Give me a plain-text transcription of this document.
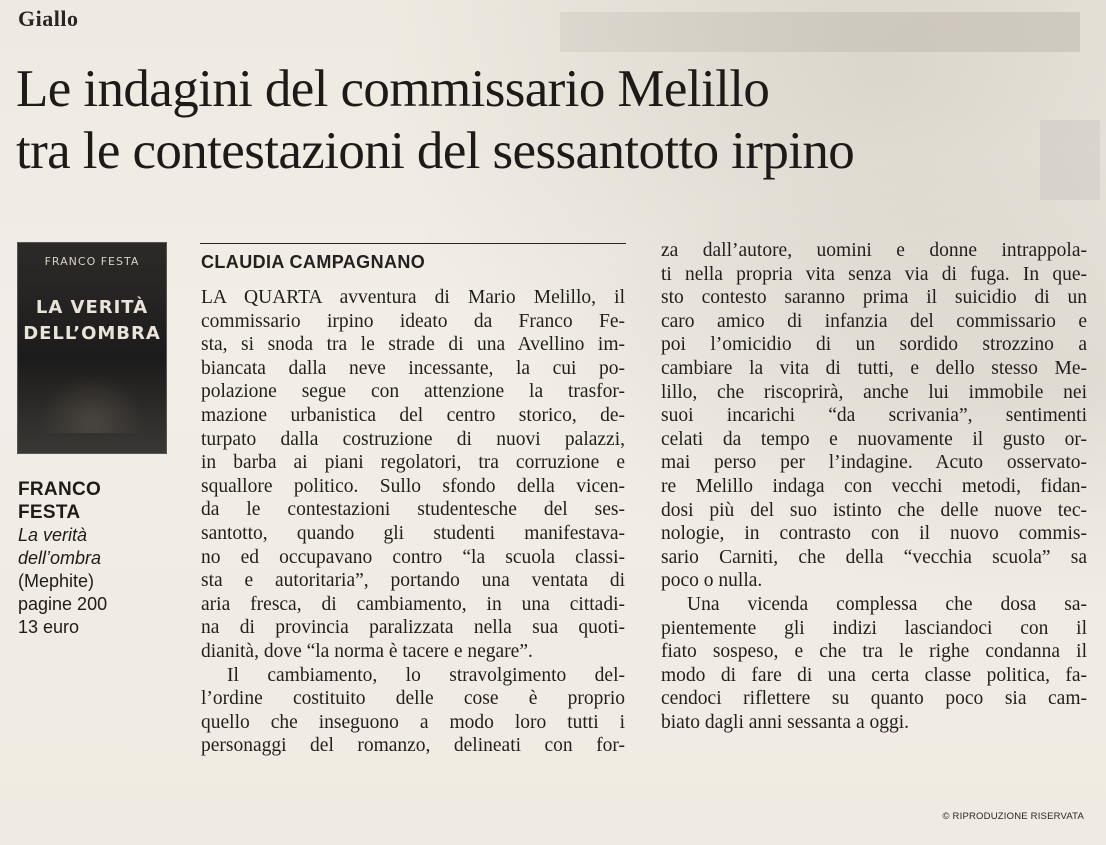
Giallo
Le indagini del commissario Melillo
tra le contestazioni del sessantotto irpino
FRANCO FESTA
LA VERITÀ
DELL’OMBRA
FRANCO
FESTA
La verità
dell’ombra
(Mephite)
pagine 200
13 euro
CLAUDIA CAMPAGNANO
LA QUARTA avventura di Mario Melillo, il
commissario irpino ideato da Franco Fe-
sta, si snoda tra le strade di una Avellino im-
biancata dalla neve incessante, la cui po-
polazione segue con attenzione la trasfor-
mazione urbanistica del centro storico, de-
turpato dalla costruzione di nuovi palazzi,
in barba ai piani regolatori, tra corruzione e
squallore politico. Sullo sfondo della vicen-
da le contestazioni studentesche del ses-
santotto, quando gli studenti manifestava-
no ed occupavano contro “la scuola classi-
sta e autoritaria”, portando una ventata di
aria fresca, di cambiamento, in una cittadi-
na di provincia paralizzata nella sua quoti-
dianità, dove “la norma è tacere e negare”.
Il cambiamento, lo stravolgimento del-
l’ordine costituito delle cose è proprio
quello che inseguono a modo loro tutti i
personaggi del romanzo, delineati con for-
za dall’autore, uomini e donne intrappola-
ti nella propria vita senza via di fuga. In que-
sto contesto saranno prima il suicidio di un
caro amico di infanzia del commissario e
poi l’omicidio di un sordido strozzino a
cambiare la vita di tutti, e dello stesso Me-
lillo, che riscoprirà, anche lui immobile nei
suoi incarichi “da scrivania”, sentimenti
celati da tempo e nuovamente il gusto or-
mai perso per l’indagine. Acuto osservato-
re Melillo indaga con vecchi metodi, fidan-
dosi più del suo istinto che delle nuove tec-
nologie, in contrasto con il nuovo commis-
sario Carniti, che della “vecchia scuola” sa
poco o nulla.
Una vicenda complessa che dosa sa-
pientemente gli indizi lasciandoci con il
fiato sospeso, e che tra le righe condanna il
modo di fare di una certa classe politica, fa-
cendoci riflettere su quanto poco sia cam-
biato dagli anni sessanta a oggi.
© RIPRODUZIONE RISERVATA
